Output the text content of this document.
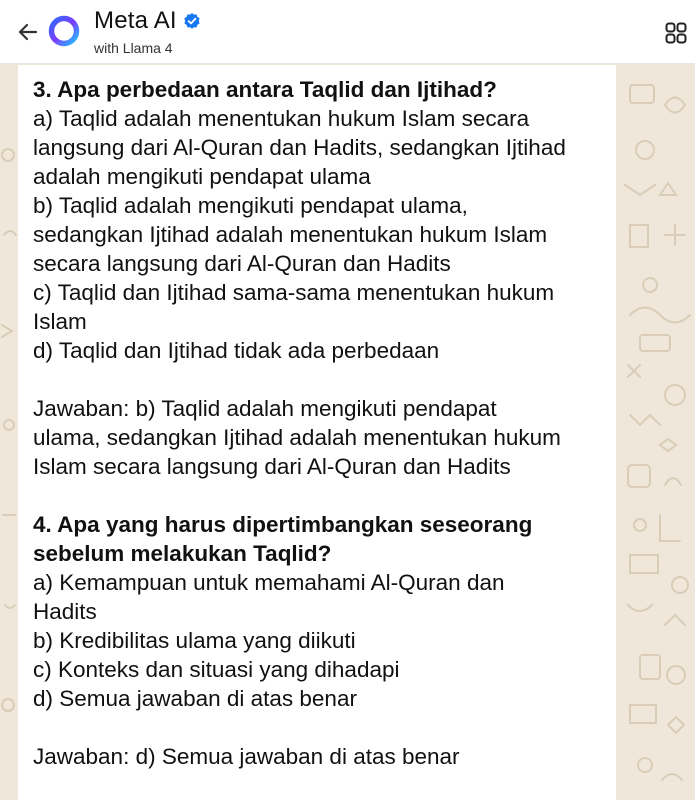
Meta AI
with Llama 4
3. Apa perbedaan antara Taqlid dan Ijtihad?
a) Taqlid adalah menentukan hukum Islam secara
langsung dari Al-Quran dan Hadits, sedangkan Ijtihad
adalah mengikuti pendapat ulama
b) Taqlid adalah mengikuti pendapat ulama,
sedangkan Ijtihad adalah menentukan hukum Islam
secara langsung dari Al-Quran dan Hadits
c) Taqlid dan Ijtihad sama-sama menentukan hukum
Islam
d) Taqlid dan Ijtihad tidak ada perbedaan
Jawaban: b) Taqlid adalah mengikuti pendapat
ulama, sedangkan Ijtihad adalah menentukan hukum
Islam secara langsung dari Al-Quran dan Hadits
4. Apa yang harus dipertimbangkan seseorang
sebelum melakukan Taqlid?
a) Kemampuan untuk memahami Al-Quran dan
Hadits
b) Kredibilitas ulama yang diikuti
c) Konteks dan situasi yang dihadapi
d) Semua jawaban di atas benar
Jawaban: d) Semua jawaban di atas benar
